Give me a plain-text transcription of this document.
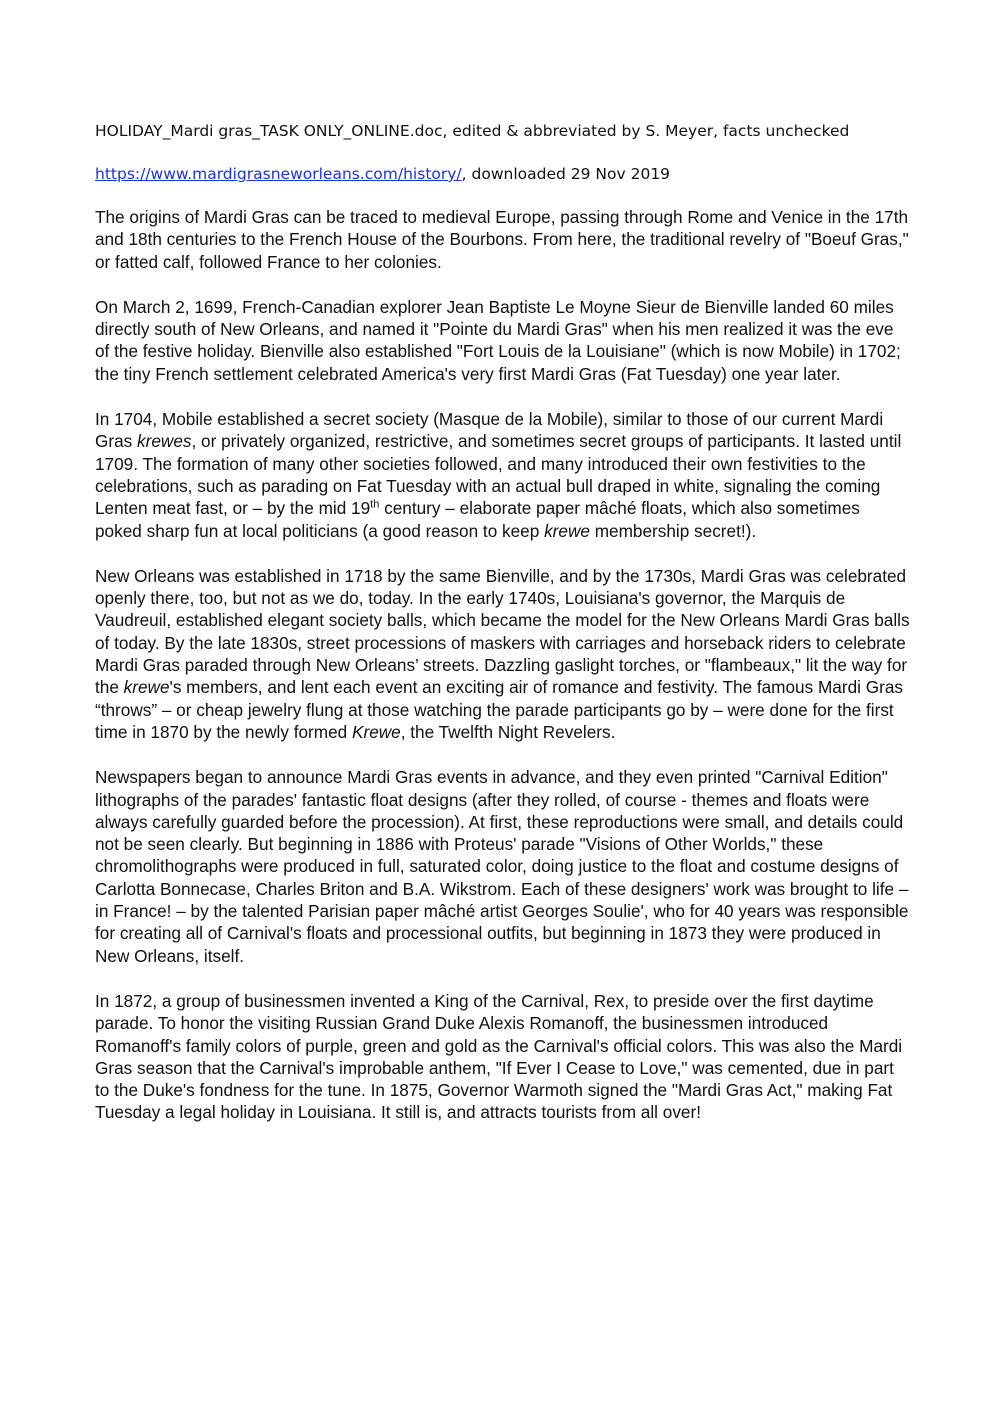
HOLIDAY_Mardi gras_TASK ONLY_ONLINE.doc, edited & abbreviated by S. Meyer, facts unchecked

https://www.mardigrasneworleans.com/history/, downloaded 29 Nov 2019

The origins of Mardi Gras can be traced to medieval Europe, passing through Rome and Venice in the 17th and 18th centuries to the French House of the Bourbons. From here, the traditional revelry of "Boeuf Gras," or fatted calf, followed France to her colonies.

On March 2, 1699, French-Canadian explorer Jean Baptiste Le Moyne Sieur de Bienville landed 60 miles directly south of New Orleans, and named it "Pointe du Mardi Gras" when his men realized it was the eve of the festive holiday. Bienville also established "Fort Louis de la Louisiane" (which is now Mobile) in 1702; the tiny French settlement celebrated America's very first Mardi Gras (Fat Tuesday) one year later.

In 1704, Mobile established a secret society (Masque de la Mobile), similar to those of our current Mardi Gras krewes, or privately organized, restrictive, and sometimes secret groups of participants. It lasted until 1709. The formation of many other societies followed, and many introduced their own festivities to the celebrations, such as parading on Fat Tuesday with an actual bull draped in white, signaling the coming Lenten meat fast, or – by the mid 19th century – elaborate paper mâché floats, which also sometimes poked sharp fun at local politicians (a good reason to keep krewe membership secret!).

New Orleans was established in 1718 by the same Bienville, and by the 1730s, Mardi Gras was celebrated openly there, too, but not as we do, today. In the early 1740s, Louisiana's governor, the Marquis de Vaudreuil, established elegant society balls, which became the model for the New Orleans Mardi Gras balls of today. By the late 1830s, street processions of maskers with carriages and horseback riders to celebrate Mardi Gras paraded through New Orleans’ streets. Dazzling gaslight torches, or "flambeaux," lit the way for the krewe's members, and lent each event an exciting air of romance and festivity. The famous Mardi Gras “throws” – or cheap jewelry flung at those watching the parade participants go by – were done for the first time in 1870 by the newly formed Krewe, the Twelfth Night Revelers.

Newspapers began to announce Mardi Gras events in advance, and they even printed "Carnival Edition" lithographs of the parades' fantastic float designs (after they rolled, of course - themes and floats were always carefully guarded before the procession). At first, these reproductions were small, and details could not be seen clearly. But beginning in 1886 with Proteus' parade "Visions of Other Worlds," these chromolithographs were produced in full, saturated color, doing justice to the float and costume designs of Carlotta Bonnecase, Charles Briton and B.A. Wikstrom. Each of these designers' work was brought to life – in France! – by the talented Parisian paper mâché artist Georges Soulie', who for 40 years was responsible for creating all of Carnival's floats and processional outfits, but beginning in 1873 they were produced in New Orleans, itself.

In 1872, a group of businessmen invented a King of the Carnival, Rex, to preside over the first daytime parade. To honor the visiting Russian Grand Duke Alexis Romanoff, the businessmen introduced Romanoff's family colors of purple, green and gold as the Carnival's official colors. This was also the Mardi Gras season that the Carnival's improbable anthem, "If Ever I Cease to Love," was cemented, due in part to the Duke's fondness for the tune. In 1875, Governor Warmoth signed the "Mardi Gras Act," making Fat Tuesday a legal holiday in Louisiana. It still is, and attracts tourists from all over!
